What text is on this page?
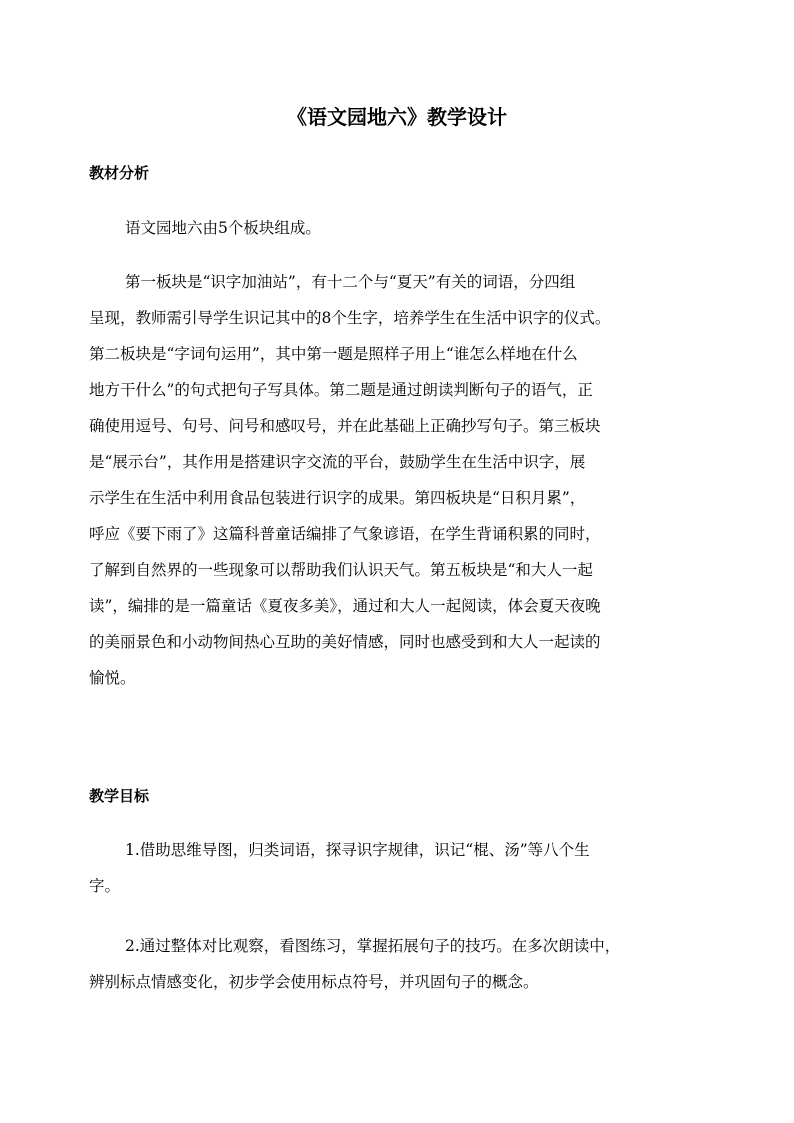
《语文园地六》教学设计
教材分析
语文园地六由5个板块组成。
第一板块是“识字加油站”，有十二个与“夏天”有关的词语，分四组
呈现，教师需引导学生识记其中的8个生字，培养学生在生活中识字的仪式。
第二板块是“字词句运用”，其中第一题是照样子用上“谁怎么样地在什么
地方干什么”的句式把句子写具体。第二题是通过朗读判断句子的语气，正
确使用逗号、句号、问号和感叹号，并在此基础上正确抄写句子。第三板块
是“展示台”，其作用是搭建识字交流的平台，鼓励学生在生活中识字，展
示学生在生活中利用食品包装进行识字的成果。第四板块是“日积月累”，
呼应《要下雨了》这篇科普童话编排了气象谚语，在学生背诵积累的同时，
了解到自然界的一些现象可以帮助我们认识天气。第五板块是“和大人一起
读”，编排的是一篇童话《夏夜多美》，通过和大人一起阅读，体会夏天夜晚
的美丽景色和小动物间热心互助的美好情感，同时也感受到和大人一起读的
愉悦。
教学目标
1.借助思维导图，归类词语，探寻识字规律，识记“棍、汤”等八个生
字。
2.通过整体对比观察，看图练习，掌握拓展句子的技巧。在多次朗读中，
辨别标点情感变化，初步学会使用标点符号，并巩固句子的概念。
